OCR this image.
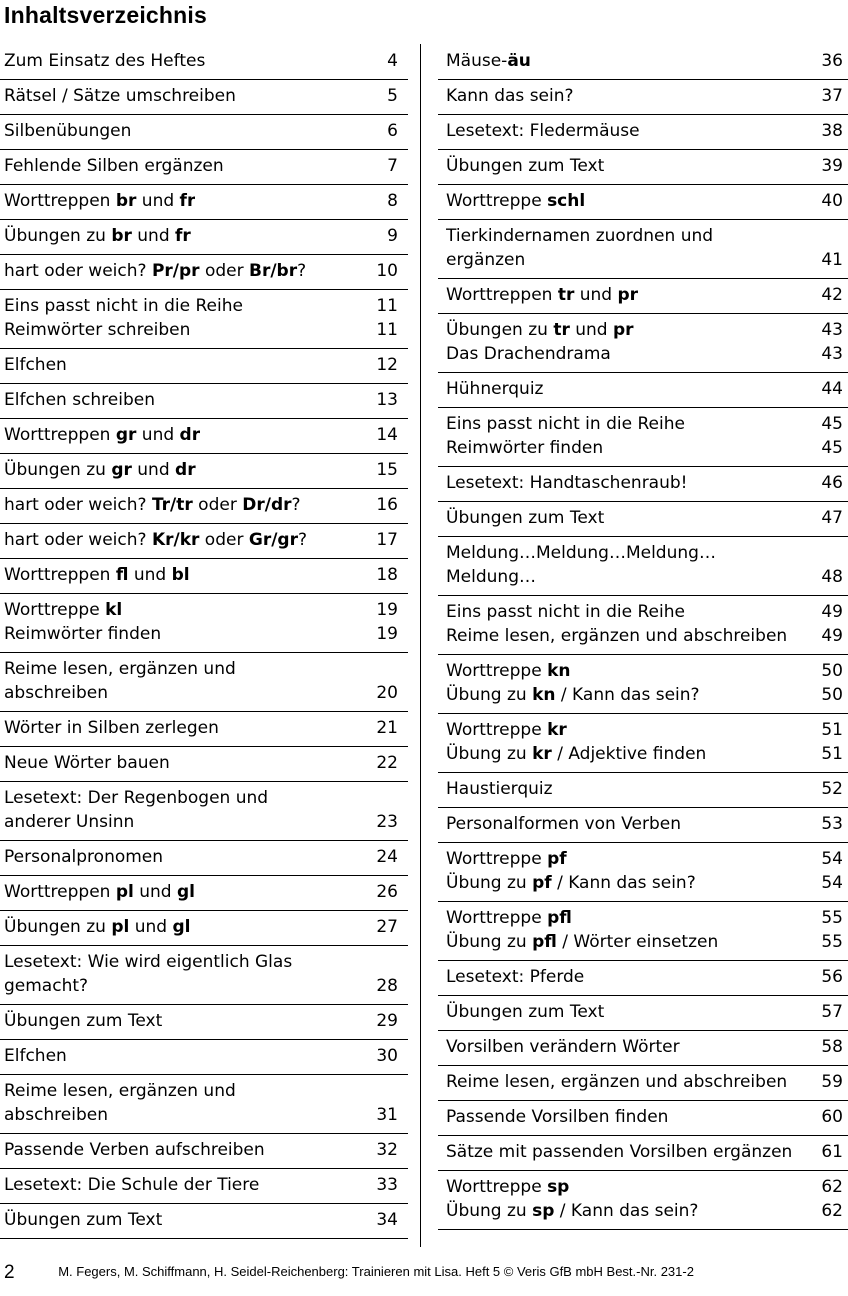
Inhaltsverzeichnis
Zum Einsatz des Heftes	4
Rätsel / Sätze umschreiben	5
Silbenübungen	6
Fehlende Silben ergänzen	7
Worttreppen br und fr	8
Übungen zu br und fr	9
hart oder weich? Pr/pr oder Br/br?	10
Eins passt nicht in die Reihe	11
Reimwörter schreiben	11
Elfchen	12
Elfchen schreiben	13
Worttreppen gr und dr	14
Übungen zu gr und dr	15
hart oder weich? Tr/tr oder Dr/dr?	16
hart oder weich? Kr/kr oder Gr/gr?	17
Worttreppen fl und bl	18
Worttreppe kl	19
Reimwörter finden	19
Reime lesen, ergänzen und
abschreiben	20
Wörter in Silben zerlegen	21
Neue Wörter bauen	22
Lesetext: Der Regenbogen und
anderer Unsinn	23
Personalpronomen	24
Worttreppen pl und gl	26
Übungen zu pl und gl	27
Lesetext: Wie wird eigentlich Glas
gemacht?	28
Übungen zum Text	29
Elfchen	30
Reime lesen, ergänzen und
abschreiben	31
Passende Verben aufschreiben	32
Lesetext: Die Schule der Tiere	33
Übungen zum Text	34
Mäuse-äu	36
Kann das sein?	37
Lesetext: Fledermäuse	38
Übungen zum Text	39
Worttreppe schl	40
Tierkindernamen zuordnen und
ergänzen	41
Worttreppen tr und pr	42
Übungen zu tr und pr	43
Das Drachendrama	43
Hühnerquiz	44
Eins passt nicht in die Reihe	45
Reimwörter finden	45
Lesetext: Handtaschenraub!	46
Übungen zum Text	47
Meldung…Meldung…Meldung…
Meldung…	48
Eins passt nicht in die Reihe	49
Reime lesen, ergänzen und abschreiben 49
Worttreppe kn	50
Übung zu kn / Kann das sein?	50
Worttreppe kr	51
Übung zu kr / Adjektive finden	51
Haustierquiz	52
Personalformen von Verben	53
Worttreppe pf	54
Übung zu pf / Kann das sein?	54
Worttreppe pfl	55
Übung zu pfl / Wörter einsetzen	55
Lesetext: Pferde	56
Übungen zum Text	57
Vorsilben verändern Wörter	58
Reime lesen, ergänzen und abschreiben 59
Passende Vorsilben finden	60
Sätze mit passenden Vorsilben ergänzen 61
Worttreppe sp	62
Übung zu sp / Kann das sein?	62
2	M. Fegers, M. Schiffmann, H. Seidel-Reichenberg: Trainieren mit Lisa. Heft 5 © Veris GfB mbH Best.-Nr. 231-2
